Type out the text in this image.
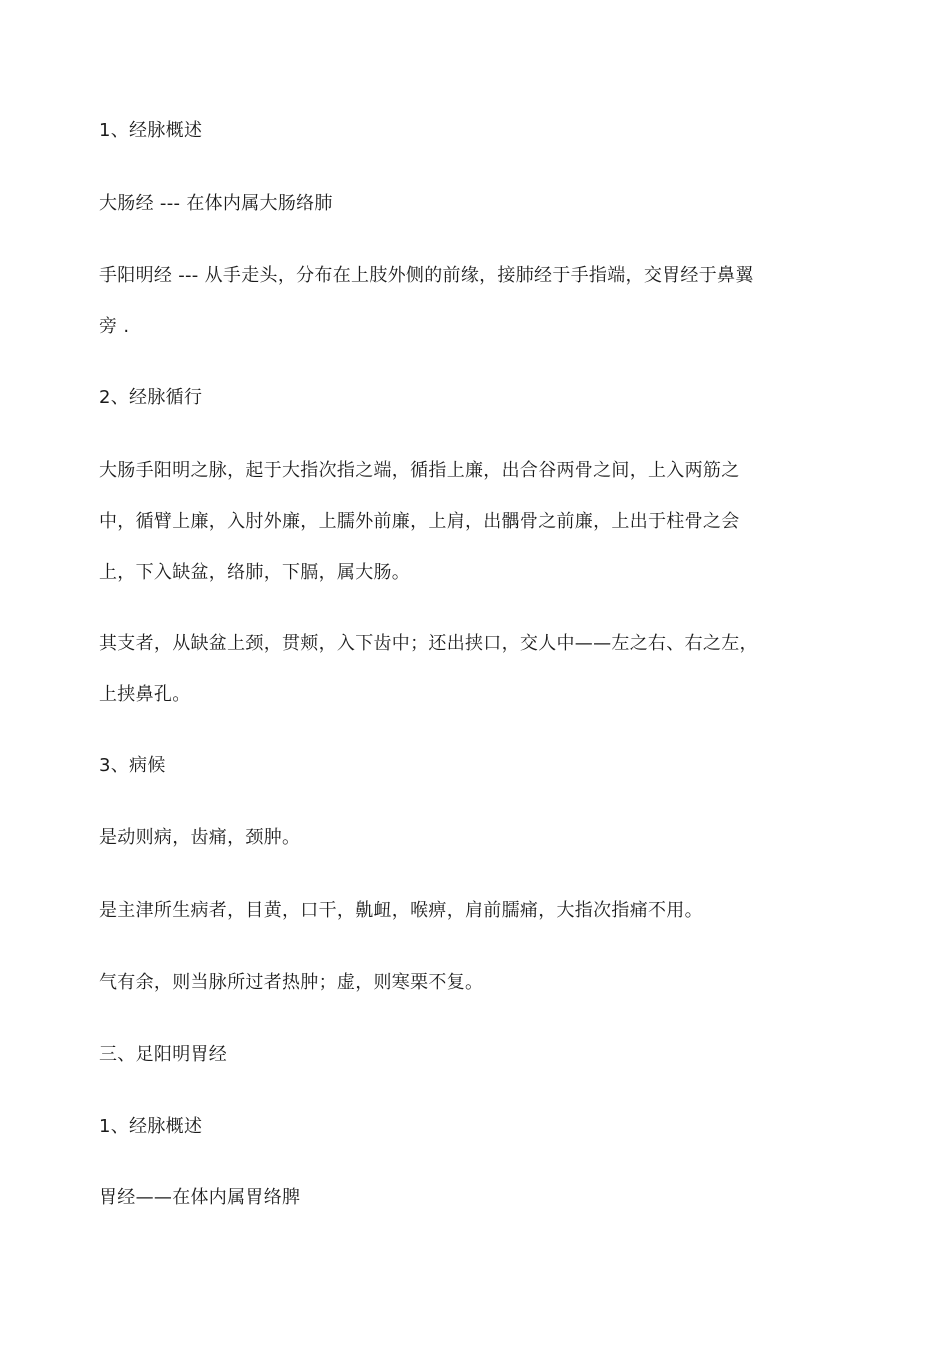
1、经脉概述
大肠经 --- 在体内属大肠络肺
手阳明经 --- 从手走头，分布在上肢外侧的前缘，接肺经于手指端，交胃经于鼻翼
旁 .
2、经脉循行
大肠手阳明之脉，起于大指次指之端，循指上廉，出合谷两骨之间，上入两筋之
中，循臂上廉，入肘外廉，上臑外前廉，上肩，出髃骨之前廉，上出于柱骨之会
上，下入缺盆，络肺，下膈，属大肠。
其支者，从缺盆上颈，贯颊，入下齿中；还出挟口，交人中——左之右、右之左，
上挟鼻孔。
3、病候
是动则病，齿痛，颈肿。
是主津所生病者，目黄，口干，鼽衄，喉痹，肩前臑痛，大指次指痛不用。
气有余，则当脉所过者热肿；虚，则寒栗不复。
三、足阳明胃经
1、经脉概述
胃经——在体内属胃络脾
